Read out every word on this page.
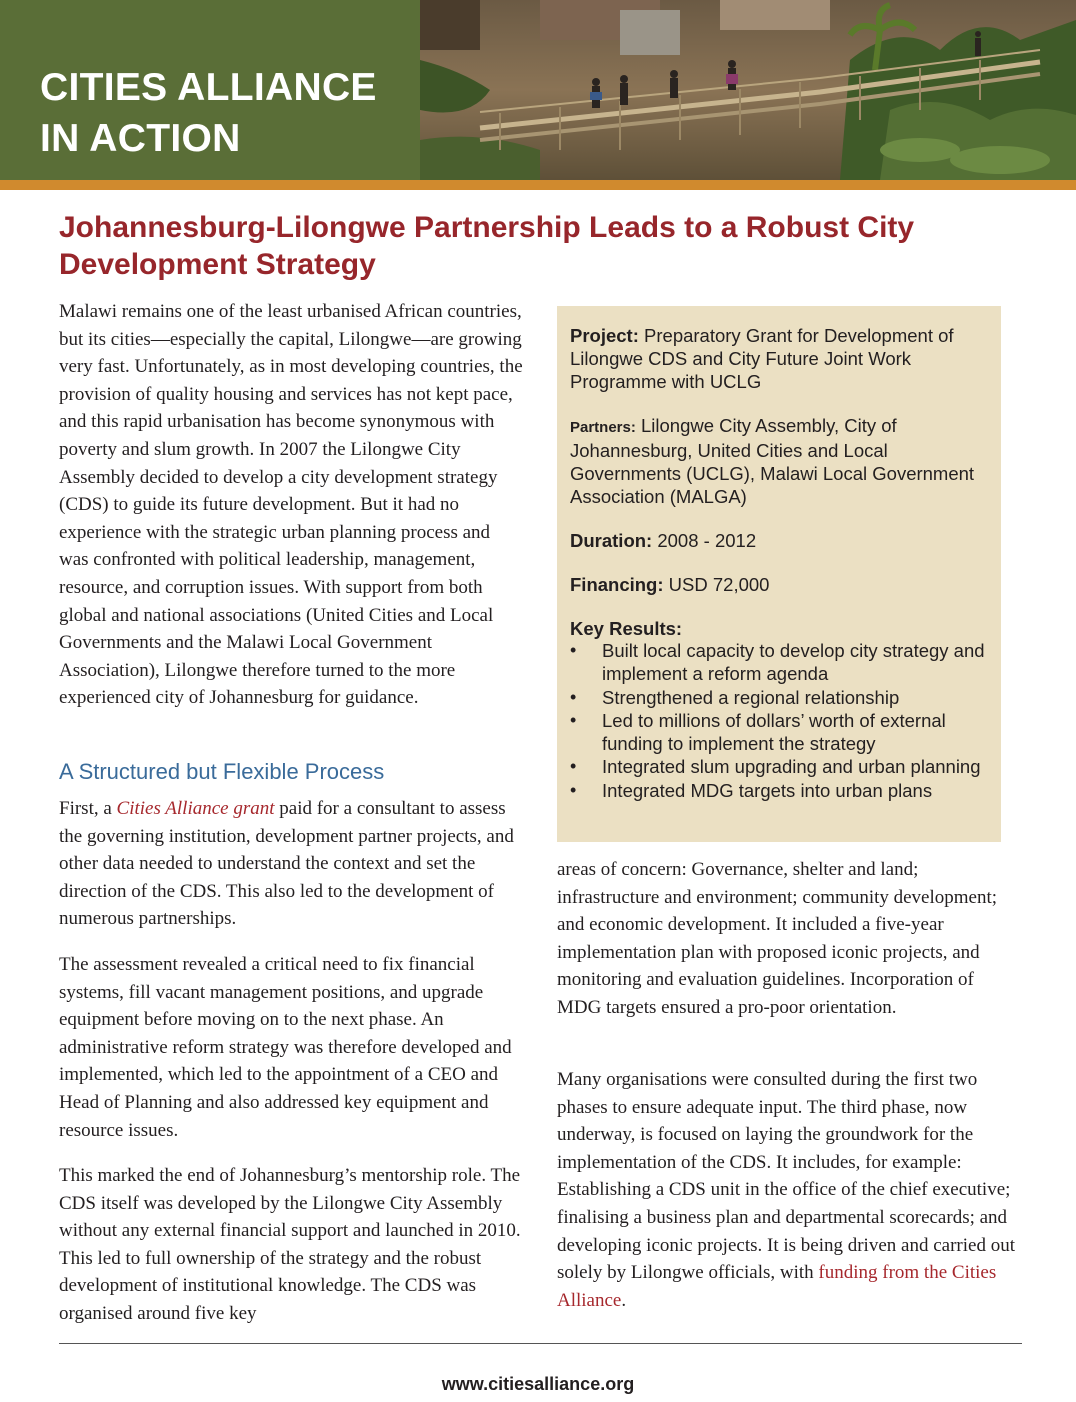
CITIES ALLIANCE
IN ACTION
Johannesburg-Lilongwe Partnership Leads to a Robust City Development Strategy

Malawi remains one of the least urbanised African countries, but its cities—especially the capital, Lilongwe—are growing very fast. Unfortunately, as in most developing countries, the provision of quality housing and services has not kept pace, and this rapid urbanisation has become synonymous with poverty and slum growth. In 2007 the Lilongwe City Assembly decided to develop a city development strategy (CDS) to guide its future development. But it had no experience with the strategic urban planning process and was confronted with political leadership, management, resource, and corruption issues. With support from both global and national associations (United Cities and Local Governments and the Malawi Local Government Association), Lilongwe therefore turned to the more experienced city of Johannesburg for guidance.

A Structured but Flexible Process

First, a Cities Alliance grant paid for a consultant to assess the governing institution, development partner projects, and other data needed to understand the context and set the direction of the CDS. This also led to the development of numerous partnerships.

The assessment revealed a critical need to fix financial systems, fill vacant management positions, and upgrade equipment before moving on to the next phase. An administrative reform strategy was therefore developed and implemented, which led to the appointment of a CEO and Head of Planning and also addressed key equipment and resource issues.

This marked the end of Johannesburg’s mentorship role. The CDS itself was developed by the Lilongwe City Assembly without any external financial support and launched in 2010. This led to full ownership of the strategy and the robust development of institutional knowledge. The CDS was organised around five key

Project: Preparatory Grant for Development of Lilongwe CDS and City Future Joint Work Programme with UCLG

Partners: Lilongwe City Assembly, City of Johannesburg, United Cities and Local Governments (UCLG), Malawi Local Government Association (MALGA)

Duration: 2008 - 2012

Financing: USD 72,000

Key Results:

• Built local capacity to develop city strategy and implement a reform agenda
• Strengthened a regional relationship
• Led to millions of dollars’ worth of external funding to implement the strategy
• Integrated slum upgrading and urban planning
• Integrated MDG targets into urban plans

areas of concern: Governance, shelter and land; infrastructure and environment; community development; and economic development. It included a five-year implementation plan with proposed iconic projects, and monitoring and evaluation guidelines. Incorporation of MDG targets ensured a pro-poor orientation.

Many organisations were consulted during the first two phases to ensure adequate input. The third phase, now underway, is focused on laying the groundwork for the implementation of the CDS. It includes, for example: Establishing a CDS unit in the office of the chief executive; finalising a business plan and departmental scorecards; and developing iconic projects. It is being driven and carried out solely by Lilongwe officials, with funding from the Cities Alliance.

www.citiesalliance.org
